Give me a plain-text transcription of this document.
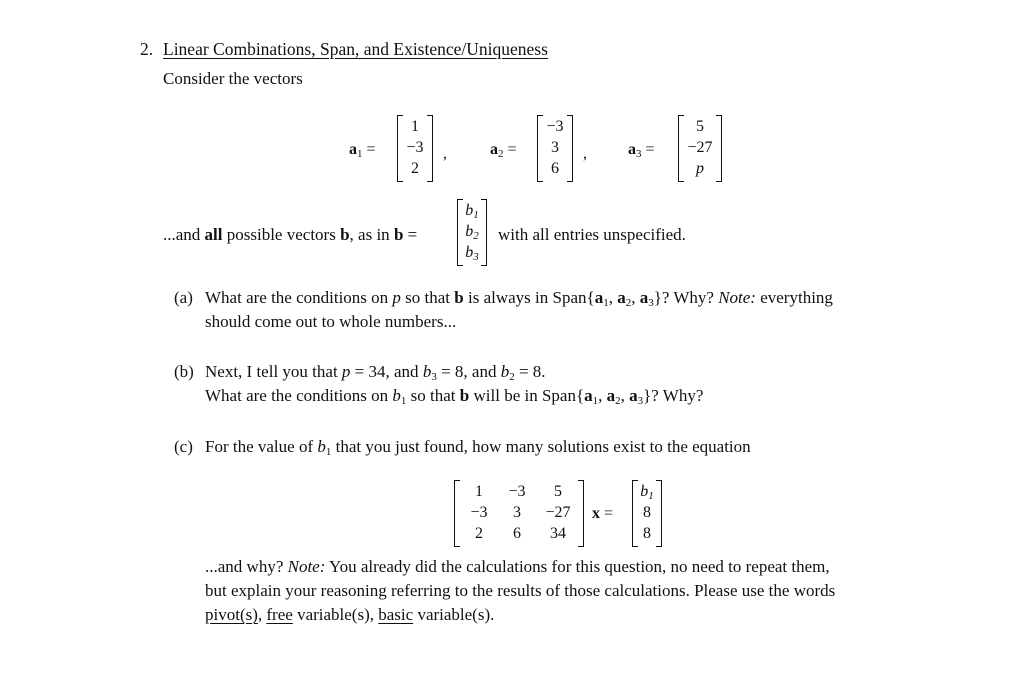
2. Linear Combinations, Span, and Existence/Uniqueness
Consider the vectors
$a_1$ =
1
−3
2
,	$a_2$ =
−3
3
6
,	$a_3$ =
5
−27
p
...and all possible vectors b, as in b =
$b_1$
$b_2$
$b_3$
with all entries unspecified.
(a) What are the conditions on p so that b is always in $Span\{a_1$, $a_2$, $a_3$}? Why? Note: everything
should come out to whole numbers...
(b) Next, I tell you that p = 34, and $b_3 = 8$, and $b_2 = 8$.
What are the conditions on $b_1$ so that b will be in $Span\{a_1$, $a_2$, $a_3$}? Why?
(c) For the value of $b_1$ that you just found, how many solutions exist to the equation
1	−3	5
−3	3	−27
2	6	34
x =
$b_1$
8
8
...and why? Note: You already did the calculations for this question, no need to repeat them,
but explain your reasoning referring to the results of those calculations. Please use the words
pivot(s), free variable(s), basic variable(s).
